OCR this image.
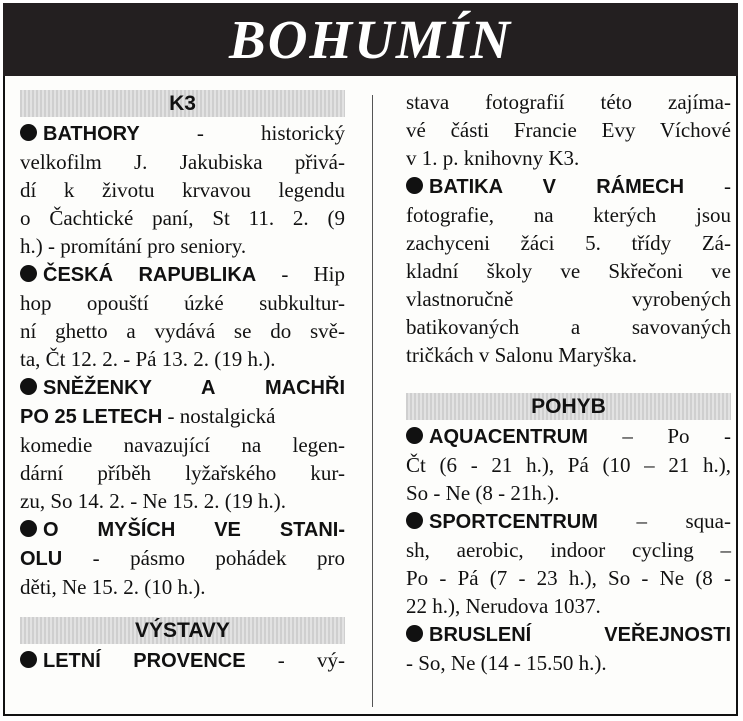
BOHUMÍN
K3
BATHORY - historický
velkofilm J. Jakubiska přivá-
dí k životu krvavou legendu
o Čachtické paní, St 11. 2. (9
h.) - promítání pro seniory.
ČESKÁ RAPUBLIKA - Hip
hop opouští úzké subkultur-
ní ghetto a vydává se do svě-
ta, Čt 12. 2. - Pá 13. 2. (19 h.).
SNĚŽENKY A MACHŘI
PO 25 LETECH - nostalgická
komedie navazující na legen-
dární příběh lyžařského kur-
zu, So 14. 2. - Ne 15. 2. (19 h.).
O MYŠÍCH VE STANI-
OLU - pásmo pohádek pro
děti, Ne 15. 2. (10 h.).
VÝSTAVY
LETNÍ PROVENCE - vý-
stava fotografií této zajíma-
vé části Francie Evy Víchové
v 1. p. knihovny K3.
BATIKA V RÁMECH -
fotografie, na kterých jsou
zachyceni žáci 5. třídy Zá-
kladní školy ve Skřečoni ve
vlastnoručně vyrobených
batikovaných a savovaných
tričkách v Salonu Maryška.
POHYB
AQUACENTRUM – Po -
Čt (6 - 21 h.), Pá (10 – 21 h.),
So - Ne (8 - 21h.).
SPORTCENTRUM – squa-
sh, aerobic, indoor cycling –
Po - Pá (7 - 23 h.), So - Ne (8 -
22 h.), Nerudova 1037.
BRUSLENÍ VEŘEJNOSTI
- So, Ne (14 - 15.50 h.).
